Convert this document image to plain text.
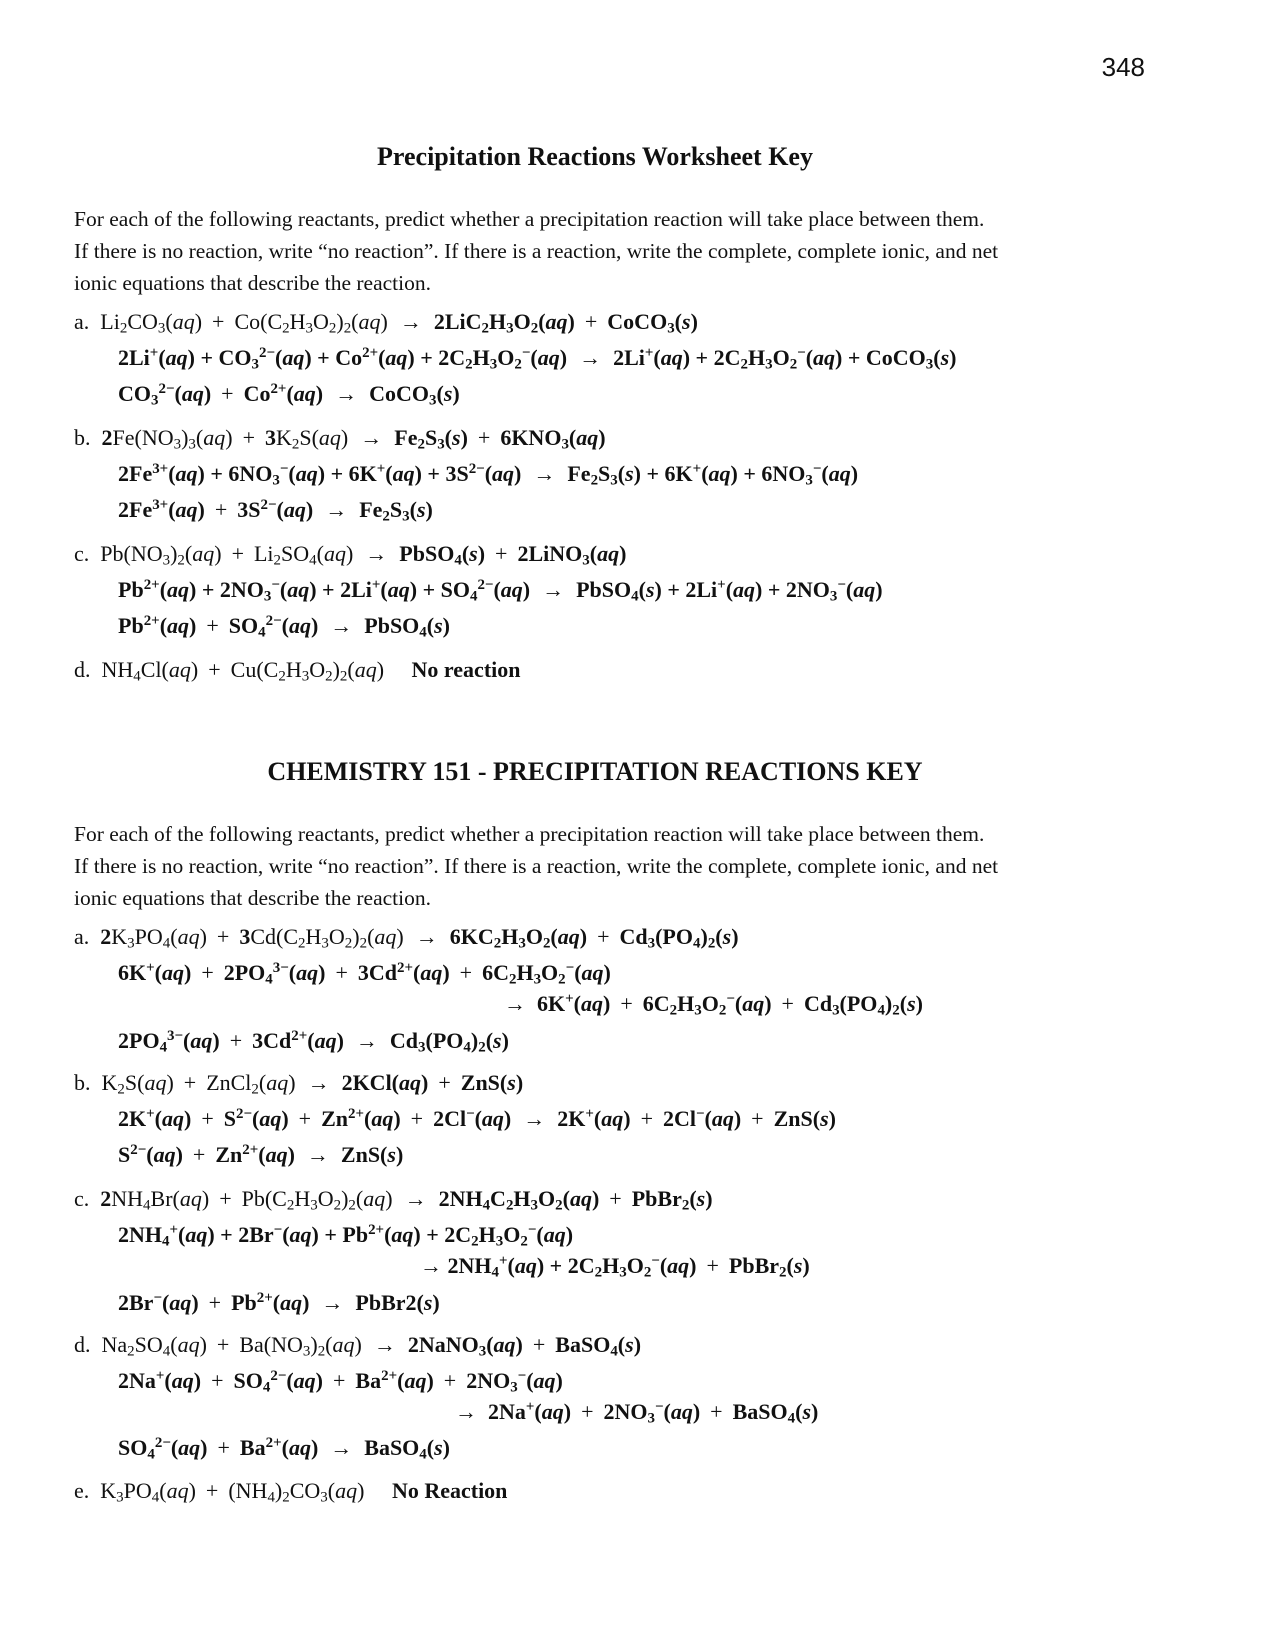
348
Precipitation Reactions Worksheet Key
For each of the following reactants, predict whether a precipitation reaction will take place between them.
If there is no reaction, write “no reaction”. If there is a reaction, write the complete, complete ionic, and net
ionic equations that describe the reaction.
a.  $Li_2CO_3(aq) + Co(C_2H_3O_2)_2(aq) \to 2LiC_2H_3O_2(aq)$ + CoCO$_3$(s)
$2Li^+(aq) + CO_3^{2-}(aq) + Co^{2+}(aq) + 2C_2H_3O_2^-(aq) \to 2Li^+(aq) + 2C_2H_3O_2^-(aq)$ + CoCO$_3$(s)
$CO_3^{2-}(aq) + Co^{2+}(aq)$ → CoCO$_3$(s)
b.  $2Fe(NO_3)_3(aq) + 3K_2S(aq) \to Fe_2S_3(s) + 6KNO_3(aq)$
$2Fe^{3+}(aq) + 6NO_3^-(aq) + 6K^+(aq) + 3S^{2-}(aq) \to Fe_2S_3(s) + 6K^+(aq) + 6NO_3^-(aq)$
$2Fe^{3+}(aq) + 3S^{2-}(aq) \to Fe_2S_3(s)$
c.  $Pb(NO_3)_2(aq) + Li_2SO_4(aq)$ → PbSO$_4$(s) + 2LiNO$_3$(aq)
$Pb^{2+}(aq) + 2NO_3^-(aq) + 2Li^+(aq) + SO_4^{2-}(aq)$ → PbSO$_4$(s) + $2Li^+(aq) + 2NO_3^-(aq)$
$Pb^{2+}(aq) + SO_4^{2-}(aq)$ → PbSO$_4$(s)
d.  $NH_4Cl(aq) + Cu(C_2H_3O_2)_2(aq)$     No reaction
CHEMISTRY 151 - PRECIPITATION REACTIONS KEY
For each of the following reactants, predict whether a precipitation reaction will take place between them.
If there is no reaction, write “no reaction”. If there is a reaction, write the complete, complete ionic, and net
ionic equations that describe the reaction.
a.  $2K_3PO_4(aq) + 3Cd(C_2H_3O_2)_2(aq) \to 6KC_2H_3O_2(aq) + Cd_3(PO_4)_2(s)$
$6K^+(aq) + 2PO_4^{3-}(aq) + 3Cd^{2+}(aq) + 6C_2H_3O_2^-(aq)$
→  $6K^+(aq) + 6C_2H_3O_2^-(aq) + Cd_3(PO_4)_2(s)$
$2PO_4^{3-}(aq) + 3Cd^{2+}(aq) \to Cd_3(PO_4)_2(s)$
b.  $K_2S(aq)$ + ZnCl$_2$(aq) → 2KCl(aq) + ZnS(s)
$2K^+(aq) + S^{2-}(aq) + Zn^{2+}(aq) + 2Cl^-(aq) \to 2K^+(aq) + 2Cl^-(aq) + ZnS(s)$
$S^{2-}(aq) + Zn^{2+}(aq) \to ZnS(s)$
c.  $2NH_4Br(aq) + Pb(C_2H_3O_2)_2(aq) \to 2NH_4C_2H_3O_2(aq)$ + PbBr$_2$(s)
$2NH_4^+(aq) + 2Br^-(aq) + Pb^{2+}(aq) + 2C_2H_3O_2^-(aq)$
→ $2NH_4^+(aq) + 2C_2H_3O_2^-(aq)$ + PbBr$_2$(s)
$2Br^-(aq) + Pb^{2+}(aq)$ → PbBr2(s)
d.  $Na_2SO_4(aq) + Ba(NO_3)_2(aq)$ → 2NaNO$_3$(aq) + BaSO$_4$(s)
$2Na^+(aq) + SO_4^{2-}(aq) + Ba^{2+}(aq) + 2NO_3^-(aq)$
→  $2Na^+(aq) + 2NO_3^-(aq)$ + BaSO$_4$(s)
$SO_4^{2-}(aq) + Ba^{2+}(aq)$ → BaSO$_4$(s)
e.  $K_3PO_4(aq) + (NH_4)_2CO_3(aq)$     No Reaction
